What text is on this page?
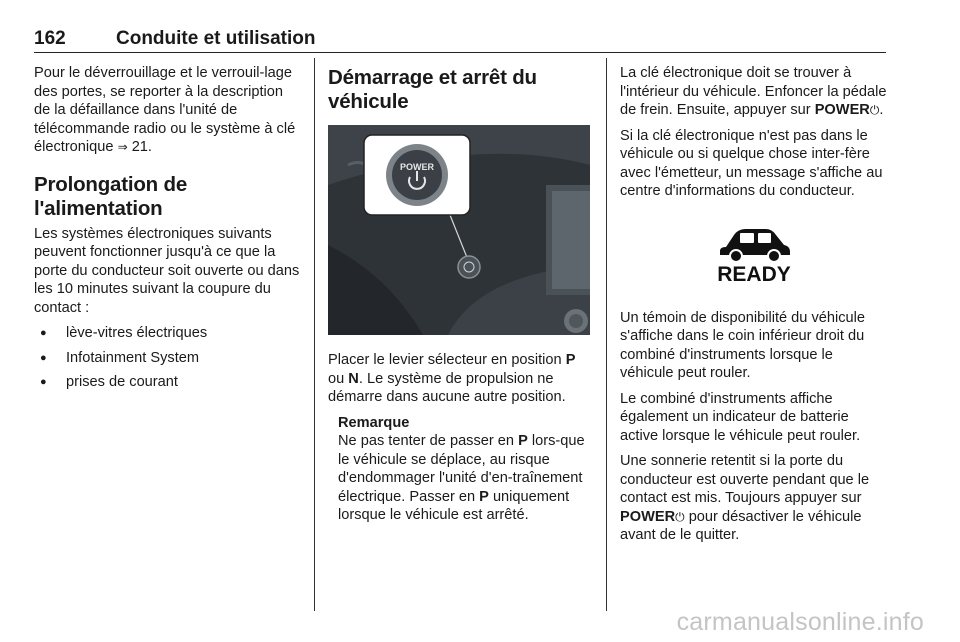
162	Conduite et utilisation

Pour le déverrouillage et le verrouil-lage des portes, se reporter à la description de la défaillance dans l'unité de télécommande radio ou le système à clé électronique ⇒ 21.

Prolongation de l'alimentation

Les systèmes électroniques suivants peuvent fonctionner jusqu'à ce que la porte du conducteur soit ouverte ou dans les 10 minutes suivant la coupure du contact :

● lève-vitres électriques
● Infotainment System
● prises de courant
Démarrage et arrêt du véhicule
POWER

Placer le levier sélecteur en position P ou N. Le système de propulsion ne démarre dans aucune autre position.

Remarque

Ne pas tenter de passer en P lors-que le véhicule se déplace, au risque d'endommager l'unité d'en-traînement électrique. Passer en P uniquement lorsque le véhicule est arrêté.

La clé électronique doit se trouver à l'intérieur du véhicule. Enfoncer la pédale de frein. Ensuite, appuyer sur POWER⏻.

Si la clé électronique n'est pas dans le véhicule ou si quelque chose inter-fère avec l'émetteur, un message s'affiche au centre d'informations du conducteur.

READY

Un témoin de disponibilité du véhicule s'affiche dans le coin inférieur droit du combiné d'instruments lorsque le véhicule peut rouler.

Le combiné d'instruments affiche également un indicateur de batterie active lorsque le véhicule peut rouler.

Une sonnerie retentit si la porte du conducteur est ouverte pendant que le contact est mis. Toujours appuyer sur POWER⏻ pour désactiver le véhicule avant de le quitter.

carmanualsonline.info
